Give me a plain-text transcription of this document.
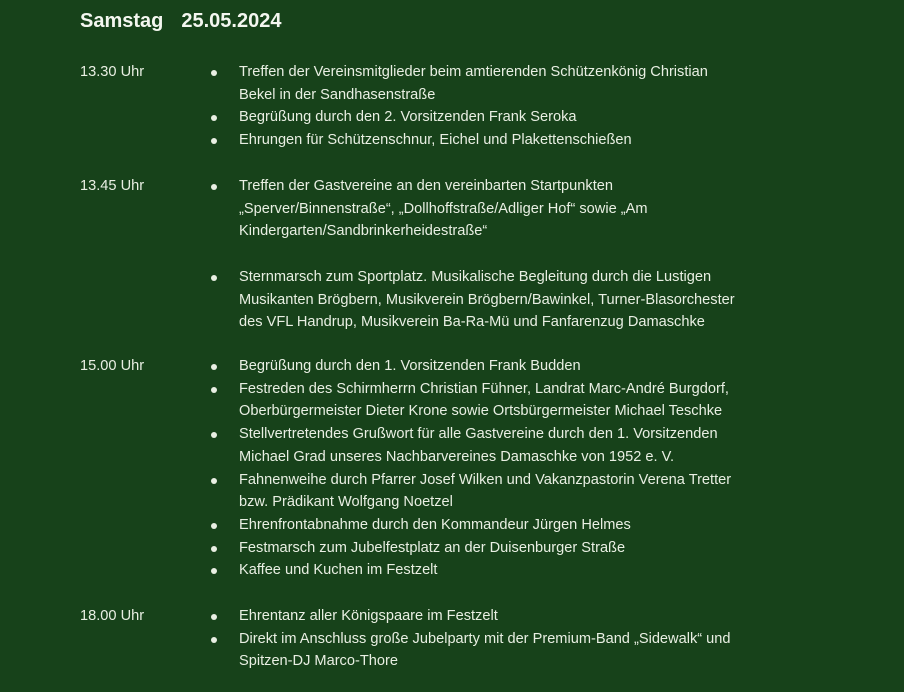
Samstag 25.05.2024
13.30 Uhr	Treffen der Vereinsmitglieder beim amtierenden Schützenkönig Christian
Bekel in der Sandhasenstraße
Begrüßung durch den 2. Vorsitzenden Frank Seroka
Ehrungen für Schützenschnur, Eichel und Plakettenschießen
13.45 Uhr	Treffen der Gastvereine an den vereinbarten Startpunkten
„Sperver/Binnenstraße“, „Dollhoffstraße/Adliger Hof“ sowie „Am
Kindergarten/Sandbrinkerheidestraße“
Sternmarsch zum Sportplatz. Musikalische Begleitung durch die Lustigen
Musikanten Brögbern, Musikverein Brögbern/Bawinkel, Turner-Blasorchester
des VFL Handrup, Musikverein Ba-Ra-Mü und Fanfarenzug Damaschke
15.00 Uhr	Begrüßung durch den 1. Vorsitzenden Frank Budden
Festreden des Schirmherrn Christian Fühner, Landrat Marc-André Burgdorf,
Oberbürgermeister Dieter Krone sowie Ortsbürgermeister Michael Teschke
Stellvertretendes Grußwort für alle Gastvereine durch den 1. Vorsitzenden
Michael Grad unseres Nachbarvereines Damaschke von 1952 e. V.
Fahnenweihe durch Pfarrer Josef Wilken und Vakanzpastorin Verena Tretter
bzw. Prädikant Wolfgang Noetzel
Ehrenfrontabnahme durch den Kommandeur Jürgen Helmes
Festmarsch zum Jubelfestplatz an der Duisenburger Straße
Kaffee und Kuchen im Festzelt
18.00 Uhr	Ehrentanz aller Königspaare im Festzelt
Direkt im Anschluss große Jubelparty mit der Premium-Band „Sidewalk“ und
Spitzen-DJ Marco-Thore
